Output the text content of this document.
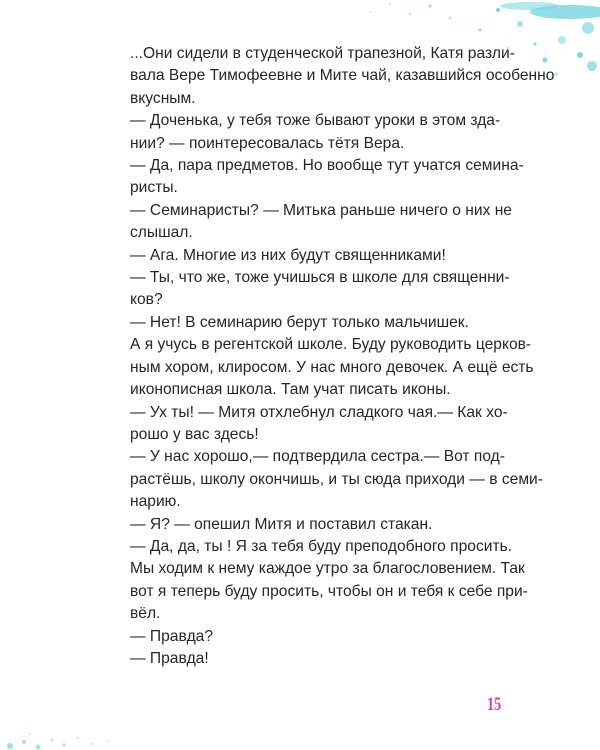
...Они сидели в студенческой трапезной, Катя разли-
вала Вере Тимофеевне и Мите чай, казавшийся особенно
вкусным.

— Доченька, у тебя тоже бывают уроки в этом зда-
нии? — поинтересовалась тётя Вера.

— Да, пара предметов. Но вообще тут учатся семина-
ристы.

— Семинаристы? — Митька раньше ничего о них не
слышал.

— Ага. Многие из них будут священниками!

— Ты, что же, тоже учишься в школе для священни-
ков?

— Нет! В семинарию берут только мальчишек.
А я учусь в регентской школе. Буду руководить церков-
ным хором, клиросом. У нас много девочек. А ещё есть
иконописная школа. Там учат писать иконы.

— Ух ты! — Митя отхлебнул сладкого чая.— Как хо-
рошо у вас здесь!

— У нас хорошо,— подтвердила сестра.— Вот под-
растёшь, школу окончишь, и ты сюда приходи — в семи-
нарию.

— Я? — опешил Митя и поставил стакан.

— Да, да, ты ! Я за тебя буду преподобного просить.
Мы ходим к нему каждое утро за благословением. Так
вот я теперь буду просить, чтобы он и тебя к себе при-
вёл.

— Правда?

— Правда!

15
